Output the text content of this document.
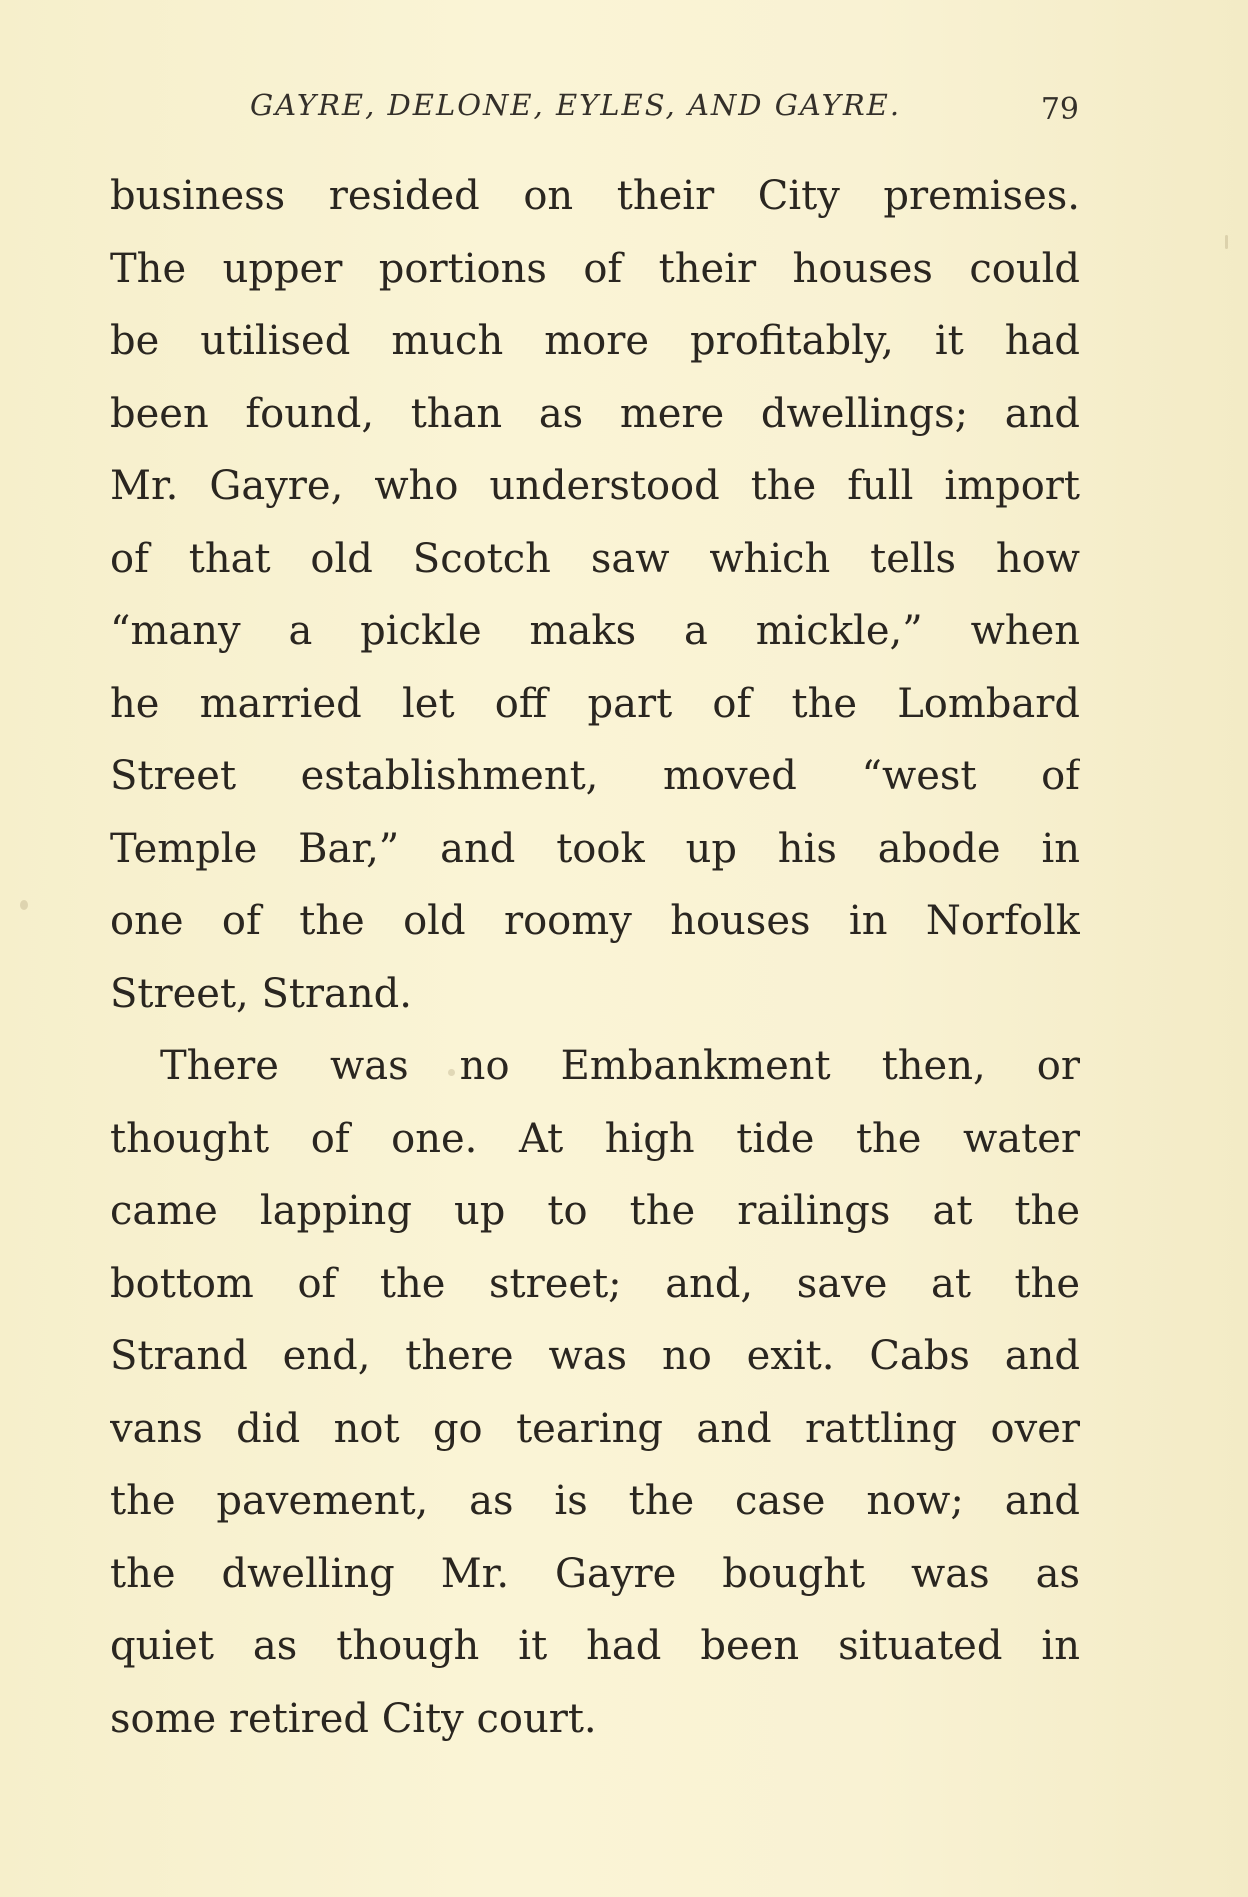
GAYRE, DELONE, EYLES, AND GAYRE.	79
business resided on their City premises.
The upper portions of their houses could
be utilised much more profitably, it had
been found, than as mere dwellings; and
Mr. Gayre, who understood the full import
of that old Scotch saw which tells how
“many a pickle maks a mickle,” when
he married let off part of the Lombard
Street establishment, moved “west of
Temple Bar,” and took up his abode in
one of the old roomy houses in Norfolk
Street, Strand.
There was no Embankment then, or
thought of one. At high tide the water
came lapping up to the railings at the
bottom of the street; and, save at the
Strand end, there was no exit. Cabs and
vans did not go tearing and rattling over
the pavement, as is the case now; and
the dwelling Mr. Gayre bought was as
quiet as though it had been situated in
some retired City court.
